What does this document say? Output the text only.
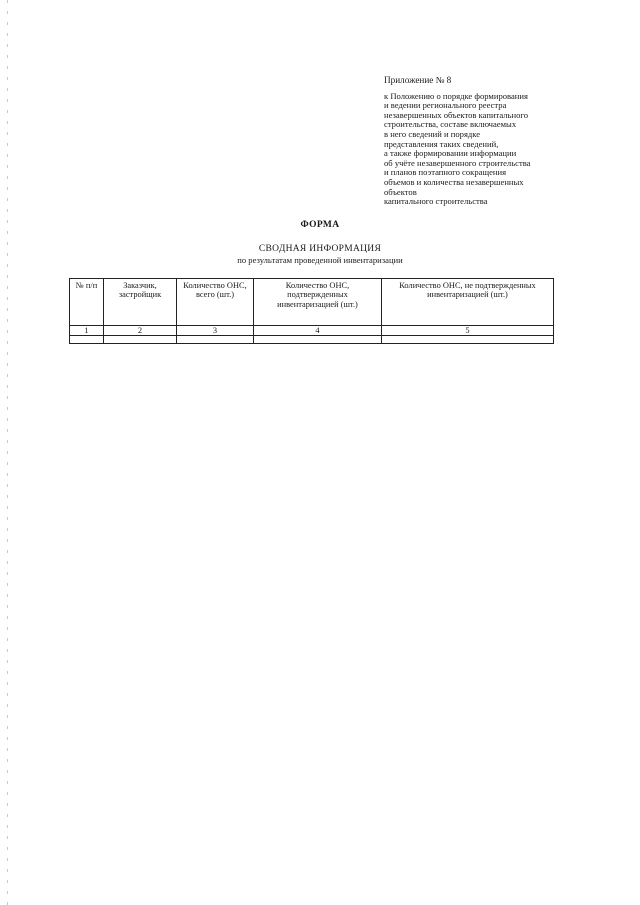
Приложение № 8
к Положению о порядке формирования
и ведении регионального реестра
незавершенных объектов капитального
строительства, составе включаемых
в него сведений и порядке
представления таких сведений,
а также формировании информации
об учёте незавершенного строительства
и планов поэтапного сокращения
объемов и количества незавершенных
объектов
капитального строительства
ФОРМА
СВОДНАЯ ИНФОРМАЦИЯ
по результатам проведенной инвентаризации
№ п/п	Заказчик, застройщик	Количество ОНС, всего (шт.)	Количество ОНС, подтвержденных инвентаризацией (шт.)	Количество ОНС, не подтвержденных инвентаризацией (шт.)
1	2	3	4	5
